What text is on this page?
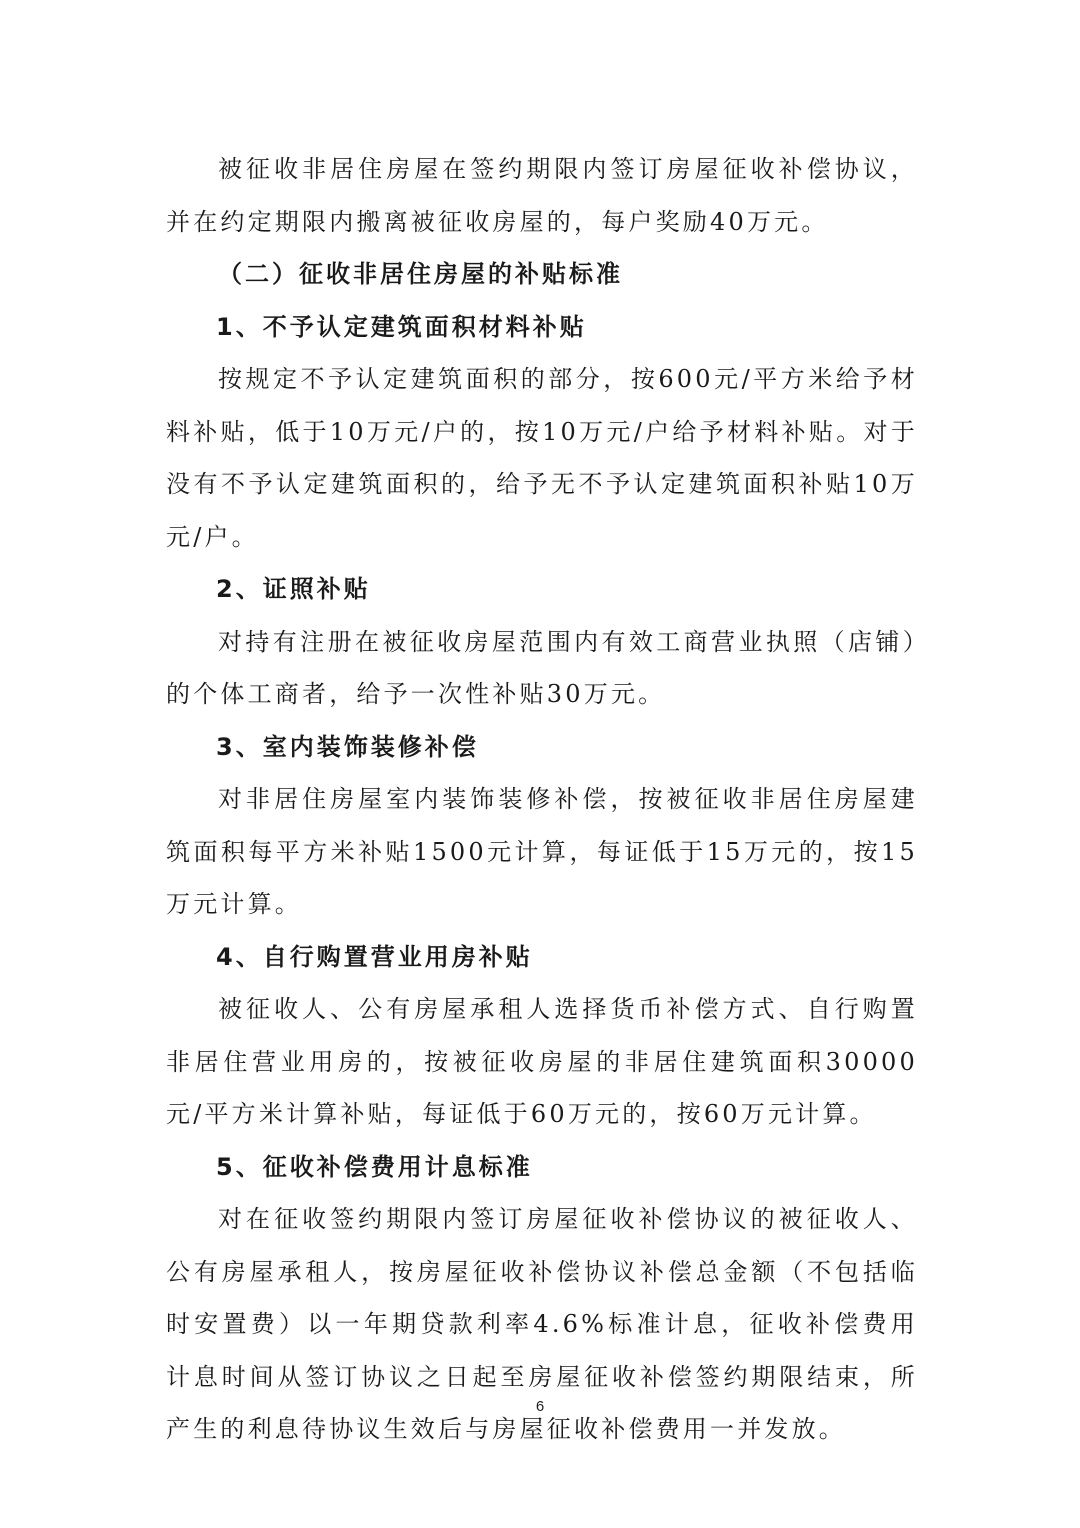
被征收非居住房屋在签约期限内签订房屋征收补偿协议，并在约定期限内搬离被征收房屋的，每户奖励40万元。

（二）征收非居住房屋的补贴标准

1、不予认定建筑面积材料补贴

按规定不予认定建筑面积的部分，按600元/平方米给予材料补贴，低于10万元/户的，按10万元/户给予材料补贴。对于没有不予认定建筑面积的，给予无不予认定建筑面积补贴10万元/户。

2、证照补贴

对持有注册在被征收房屋范围内有效工商营业执照（店铺）的个体工商者，给予一次性补贴30万元。

3、室内装饰装修补偿

对非居住房屋室内装饰装修补偿，按被征收非居住房屋建筑面积每平方米补贴1500元计算，每证低于15万元的，按15万元计算。

4、自行购置营业用房补贴

被征收人、公有房屋承租人选择货币补偿方式、自行购置非居住营业用房的，按被征收房屋的非居住建筑面积30000元/平方米计算补贴，每证低于60万元的，按60万元计算。

5、征收补偿费用计息标准

对在征收签约期限内签订房屋征收补偿协议的被征收人、公有房屋承租人，按房屋征收补偿协议补偿总金额（不包括临时安置费）以一年期贷款利率4.6%标准计息，征收补偿费用计息时间从签订协议之日起至房屋征收补偿签约期限结束，所产生的利息待协议生效后与房屋征收补偿费用一并发放。

6
